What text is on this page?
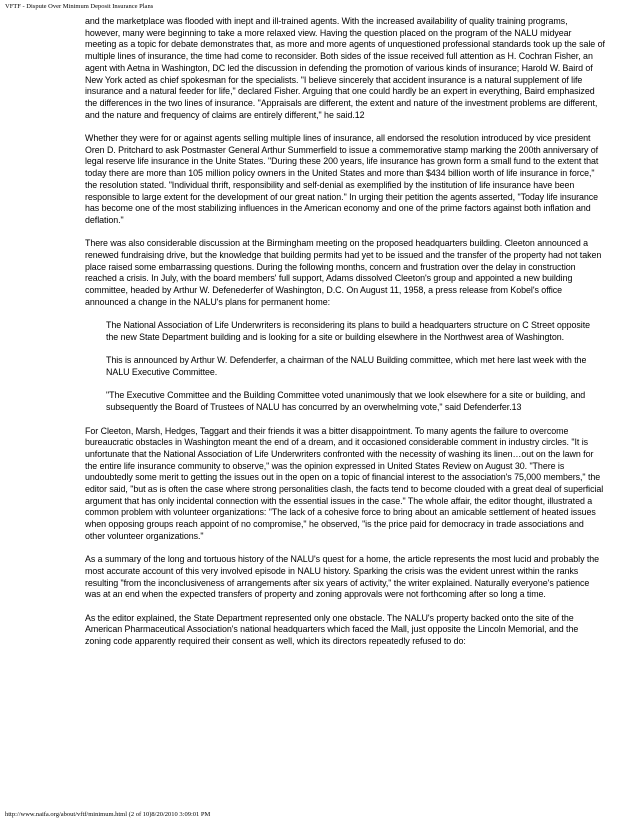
VFTF - Dispute Over Minimum Deposit Insurance Plans

and the marketplace was flooded with inept and ill-trained agents. With the increased availability of quality training programs, however, many were beginning to take a more relaxed view. Having the question placed on the program of the NALU midyear meeting as a topic for debate demonstrates that, as more and more agents of unquestioned professional standards took up the sale of multiple lines of insurance, the time had come to reconsider. Both sides of the issue received full attention as H. Cochran Fisher, an agent with Aetna in Washington, DC led the discussion in defending the promotion of various kinds of insurance; Harold W. Baird of New York acted as chief spokesman for the specialists. "I believe sincerely that accident insurance is a natural supplement of life insurance and a natural feeder for life," declared Fisher. Arguing that one could hardly be an expert in everything, Baird emphasized the differences in the two lines of insurance. "Appraisals are different, the extent and nature of the investment problems are different, and the nature and frequency of claims are entirely different," he said.12

Whether they were for or against agents selling multiple lines of insurance, all endorsed the resolution introduced by vice president Oren D. Pritchard to ask Postmaster General Arthur Summerfield to issue a commemorative stamp marking the 200th anniversary of legal reserve life insurance in the Unite States. "During these 200 years, life insurance has grown form a small fund to the extent that today there are more than 105 million policy owners in the United States and more than $434 billion worth of life insurance in force," the resolution stated. "Individual thrift, responsibility and self-denial as exemplified by the institution of life insurance have been responsible to large extent for the development of our great nation." In urging their petition the agents asserted, "Today life insurance has become one of the most stabilizing influences in the American economy and one of the prime factors against both inflation and deflation."

There was also considerable discussion at the Birmingham meeting on the proposed headquarters building. Cleeton announced a renewed fundraising drive, but the knowledge that building permits had yet to be issued and the transfer of the property had not taken place raised some embarrassing questions. During the following months, concern and frustration over the delay in construction reached a crisis. In July, with the board members' full support, Adams dissolved Cleeton's group and appointed a new building committee, headed by Arthur W. Defenederfer of Washington, D.C. On August 11, 1958, a press release from Kobel's office announced a change in the NALU's plans for permanent home:

The National Association of Life Underwriters is reconsidering its plans to build a headquarters structure on C Street opposite the new State Department building and is looking for a site or building elsewhere in the Northwest area of Washington.

This is announced by Arthur W. Defenderfer, a chairman of the NALU Building committee, which met here last week with the NALU Executive Committee.

"The Executive Committee and the Building Committee voted unanimously that we look elsewhere for a site or building, and subsequently the Board of Trustees of NALU has concurred by an overwhelming vote," said Defenderfer.13

For Cleeton, Marsh, Hedges, Taggart and their friends it was a bitter disappointment. To many agents the failure to overcome bureaucratic obstacles in Washington meant the end of a dream, and it occasioned considerable comment in industry circles. "It is unfortunate that the National Association of Life Underwriters confronted with the necessity of washing its linen…out on the lawn for the entire life insurance community to observe," was the opinion expressed in United States Review on August 30. "There is undoubtedly some merit to getting the issues out in the open on a topic of financial interest to the association's 75,000 members," the editor said, "but as is often the case where strong personalities clash, the facts tend to become clouded with a great deal of superficial argument that has only incidental connection with the essential issues in the case." The whole affair, the editor thought, illustrated a common problem with volunteer organizations: "The lack of a cohesive force to bring about an amicable settlement of heated issues when opposing groups reach appoint of no compromise," he observed, "is the price paid for democracy in trade associations and other volunteer organizations."

As a summary of the long and tortuous history of the NALU's quest for a home, the article represents the most lucid and probably the most accurate account of this very involved episode in NALU history. Sparking the crisis was the evident unrest within the ranks resulting "from the inconclusiveness of arrangements after six years of activity," the writer explained. Naturally everyone's patience was at an end when the expected transfers of property and zoning approvals were not forthcoming after so long a time.

As the editor explained, the State Department represented only one obstacle. The NALU's property backed onto the site of the American Pharmaceutical Association's national headquarters which faced the Mall, just opposite the Lincoln Memorial, and the zoning code apparently required their consent as well, which its directors repeatedly refused to do:

http://www.naifa.org/about/vftf/minimum.html (2 of 10)8/20/2010 3:09:01 PM
